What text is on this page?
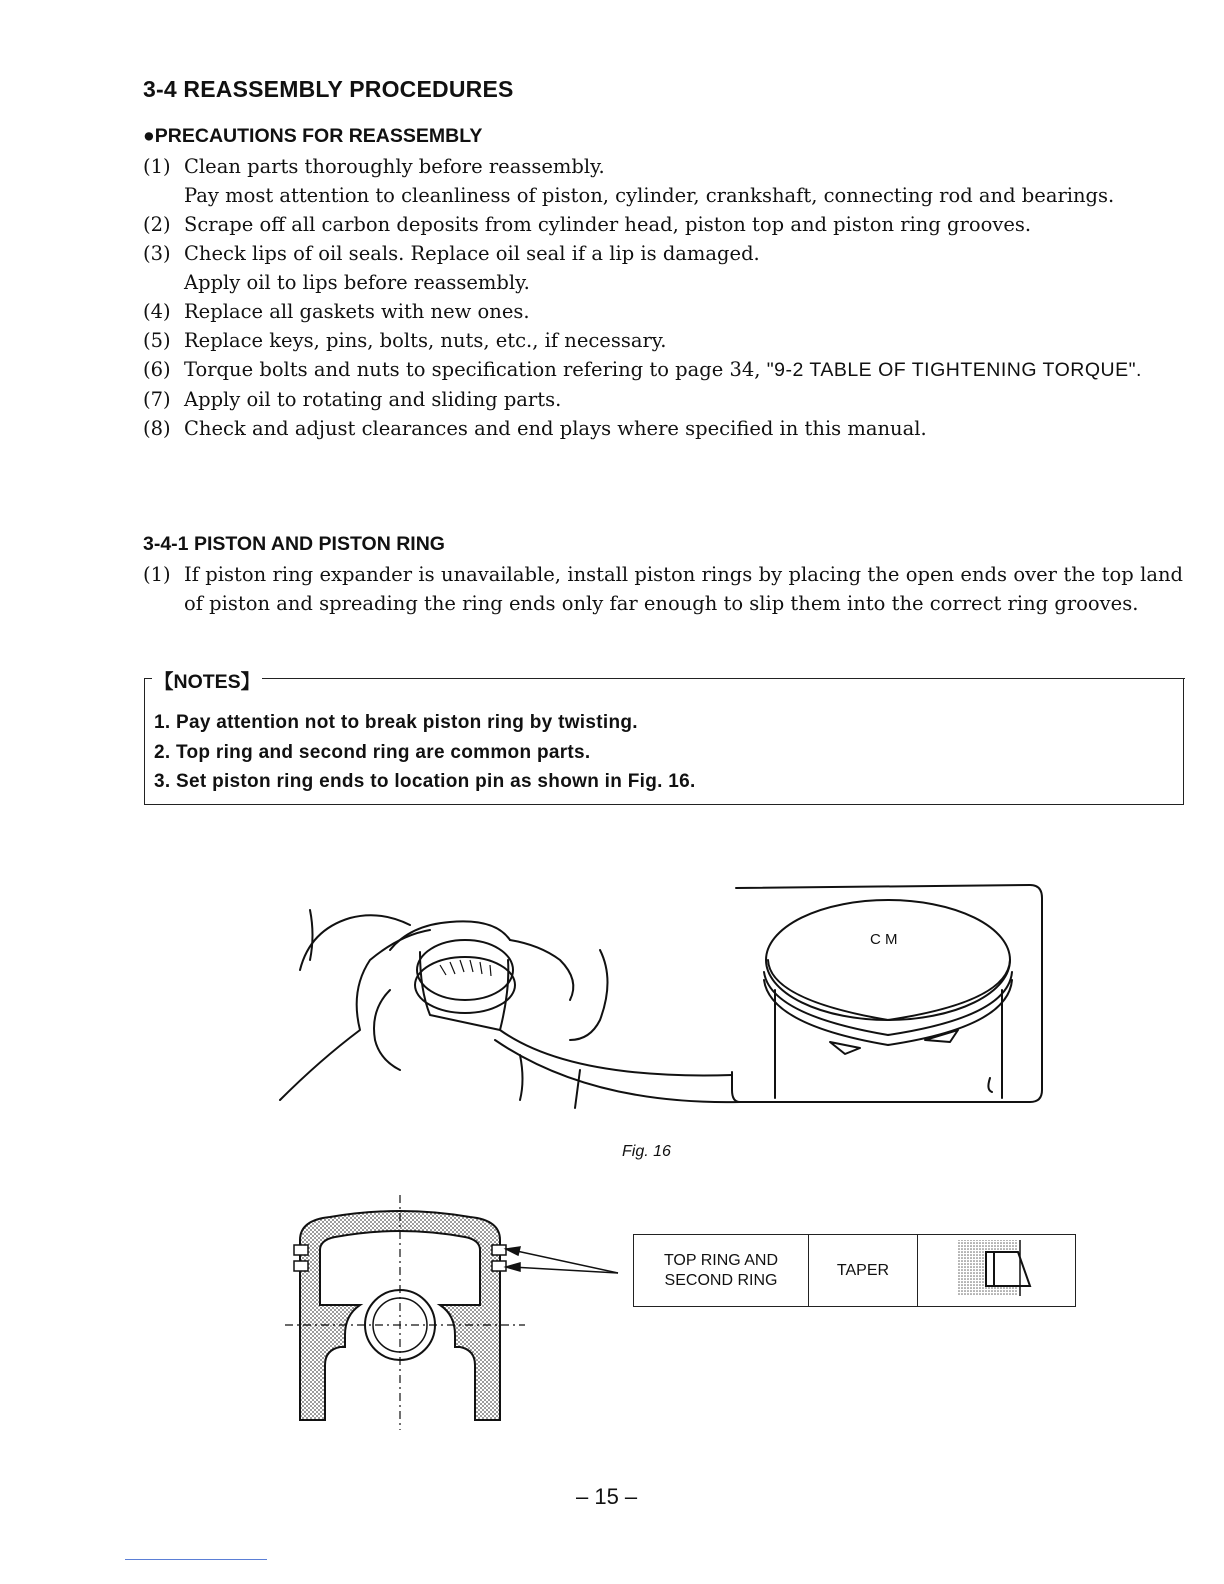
3-4 REASSEMBLY PROCEDURES

●PRECAUTIONS FOR REASSEMBLY

(1) Clean parts thoroughly before reassembly.
Pay most attention to cleanliness of piston, cylinder, crankshaft, connecting rod and bearings.
(2) Scrape off all carbon deposits from cylinder head, piston top and piston ring grooves.
(3) Check lips of oil seals. Replace oil seal if a lip is damaged.
Apply oil to lips before reassembly.
(4) Replace all gaskets with new ones.
(5) Replace keys, pins, bolts, nuts, etc., if necessary.
(6) Torque bolts and nuts to specification refering to page 34, "9-2 TABLE OF TIGHTENING TORQUE".
(7) Apply oil to rotating and sliding parts.
(8) Check and adjust clearances and end plays where specified in this manual.

3-4-1 PISTON AND PISTON RING

(1) If piston ring expander is unavailable, install piston rings by placing the open ends over the top land of piston and spreading the ring ends only far enough to slip them into the correct ring grooves.
【NOTES】
1. Pay attention not to break piston ring by twisting.
2. Top ring and second ring are common parts.
3. Set piston ring ends to location pin as shown in Fig. 16.
C M
Fig. 16
TOP RING AND
SECOND RING
	TAPER	
– 15 –
